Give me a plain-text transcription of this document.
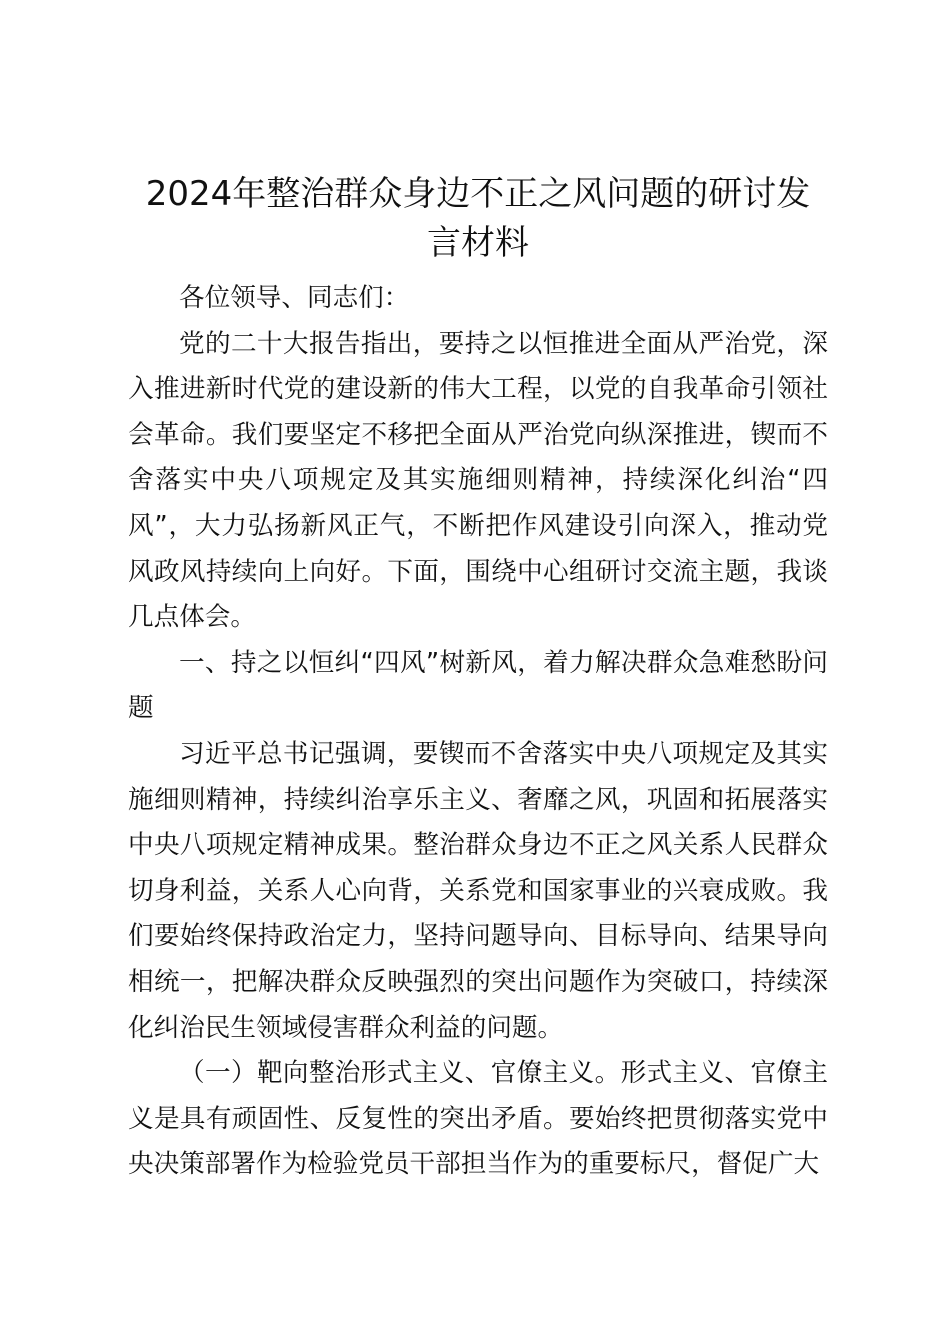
2024年整治群众身边不正之风问题的研讨发
言材料

各位领导、同志们：

党的二十大报告指出，要持之以恒推进全面从严治党，深入推进新时代党的建设新的伟大工程，以党的自我革命引领社会革命。我们要坚定不移把全面从严治党向纵深推进，锲而不舍落实中央八项规定及其实施细则精神，持续深化纠治“四风”，大力弘扬新风正气，不断把作风建设引向深入，推动党风政风持续向上向好。下面，围绕中心组研讨交流主题，我谈几点体会。

一、持之以恒纠“四风”树新风，着力解决群众急难愁盼问题

习近平总书记强调，要锲而不舍落实中央八项规定及其实施细则精神，持续纠治享乐主义、奢靡之风，巩固和拓展落实中央八项规定精神成果。整治群众身边不正之风关系人民群众切身利益，关系人心向背，关系党和国家事业的兴衰成败。我们要始终保持政治定力，坚持问题导向、目标导向、结果导向相统一，把解决群众反映强烈的突出问题作为突破口，持续深化纠治民生领域侵害群众利益的问题。

（一）靶向整治形式主义、官僚主义。形式主义、官僚主义是具有顽固性、反复性的突出矛盾。要始终把贯彻落实党中央决策部署作为检验党员干部担当作为的重要标尺，督促广大
